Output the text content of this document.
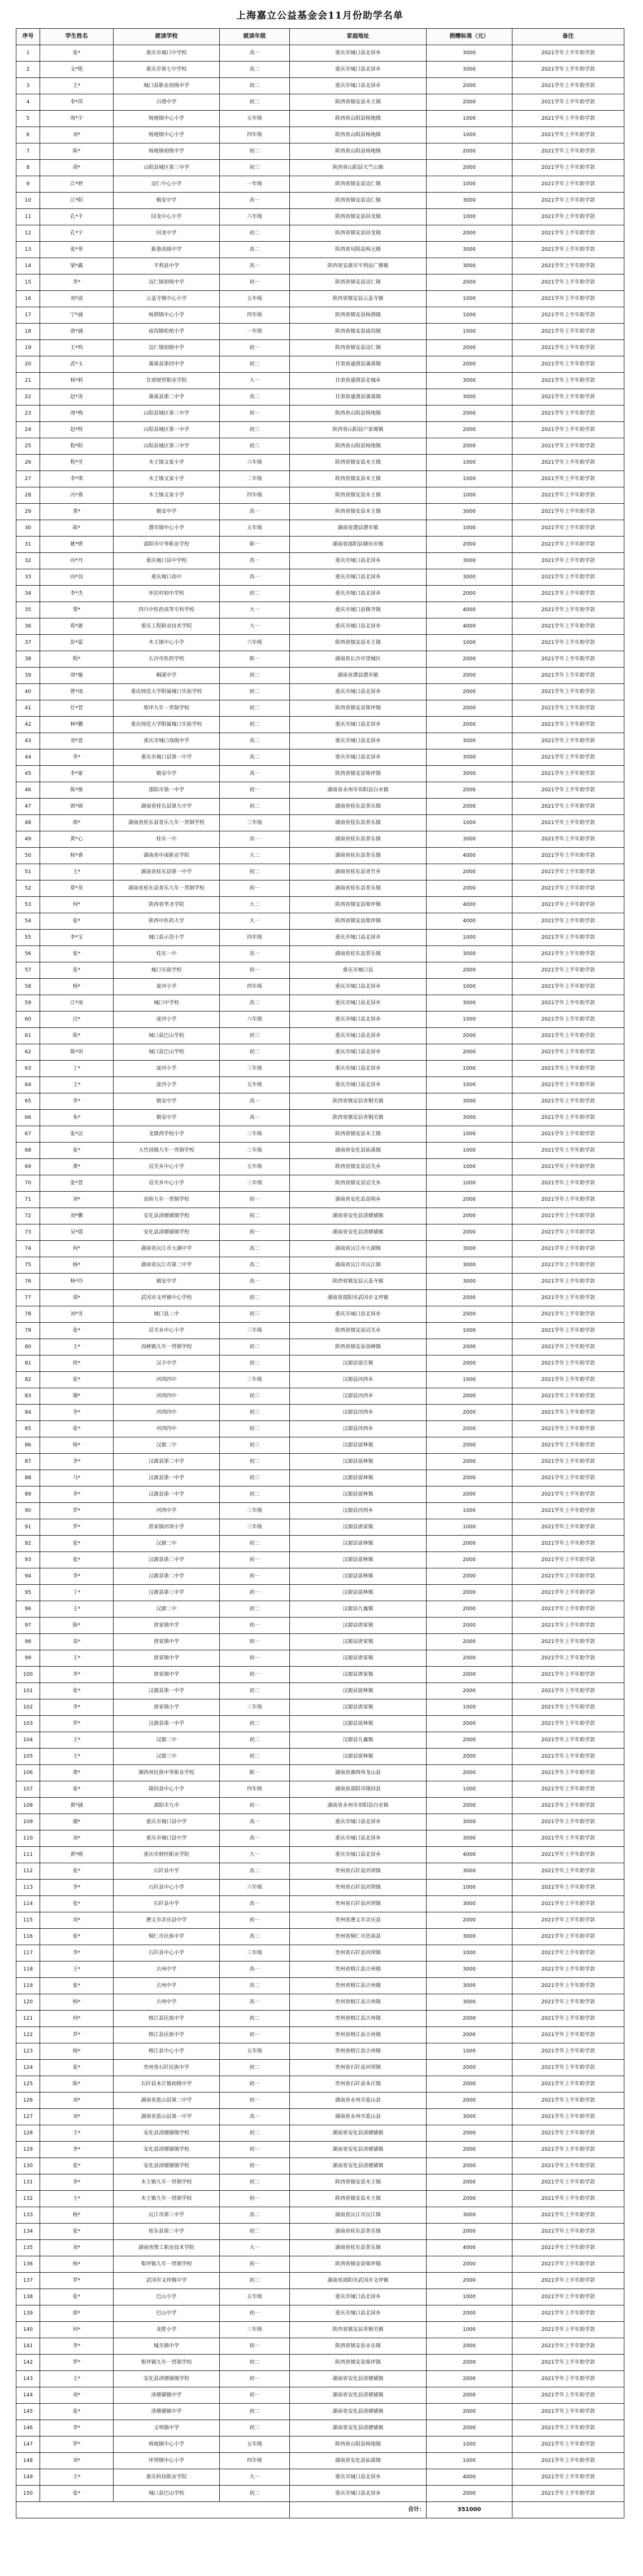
上海嘉立公益基金会11月份助学名单
序号	学生姓名	就读学校	就读年级	家庭地址	捐赠标准（元）	备注
1	张*	重庆市城口中学校	高一	重庆市城口县北屏乡	3000	2021学年上半年助学款
2	文*艳	重庆市第七中学校	高二	重庆市城口县北屏乡	3000	2021学年上半年助学款
3	王*	城口县职业初级中学	初二	重庆市城口县北屏乡	2000	2021学年上半年助学款
4	李*萍	白塔中学	初二	陕西省镇安县木王镇	2000	2021学年上半年助学款
5	周*宇	杨地镇中心小学	五年级	陕西省山阳县杨地镇	1000	2021学年上半年助学款
6	刘*	杨地镇中心小学	四年级	陕西省山阳县杨地镇	1000	2021学年上半年助学款
7	陈*	杨地镇初级中学	初二	陕西省山阳县杨地镇	2000	2021学年上半年助学款
8	胡*	山阳县城区第三中学	初三	陕西省山阳县天竺山镇	2000	2021学年上半年助学款
9	江*婷	迈仁中心小学	一年级	陕西省镇安县迈仁镇	1000	2021学年上半年助学款
10	江*阳	镇安中学	高一	陕西省镇安县迈仁镇	3000	2021学年上半年助学款
11	孔*平	回龙中心小学	六年级	陕西省镇安县回龙镇	1000	2021学年上半年助学款
12	孔*宇	回龙中学	初二	陕西省镇安县回龙镇	2000	2021学年上半年助学款
13	张*菲	新港高级中学	高二	陕西省旬阳县构元镇	3000	2021学年上半年助学款
14	梁*鑫	平利县中学	高一	陕西省安康市平利县广佛镇	3000	2021学年上半年助学款
15	李*	迈仁镇初级中学	初一	陕西省镇安县迈仁镇	2000	2021学年上半年助学款
16	刘*波	云盖寺镇中心小学	五年级	陕西省镇安县云盖寺镇	1000	2021学年上半年助学款
17	宁*涵	杨泗镇中心小学	四年级	陕西省镇安县杨泗镇	1000	2021学年上半年助学款
18	唐*涵	庙沟镇松柏小学	一年级	陕西省镇安县庙沟镇	1000	2021学年上半年助学款
19	王*鸣	迈仁镇初级中学	初一	陕西省镇安县迈仁镇	2000	2021学年上半年助学款
20	武*玉	蒲溪县第四中学	初二	甘肃省通渭县蒲溪镇	2000	2021学年上半年助学款
21	杨*莉	甘肃财贸职业学院	大一	甘肃省通渭县北城乡	3000	2021学年上半年助学款
22	赵*涛	蒲溪县第二中学	高二	甘肃省通渭县蒲溪镇	3000	2021学年上半年助学款
23	周*梅	山阳县城区第三中学	初一	陕西省山阳县杨地镇	2000	2021学年上半年助学款
24	赵*特	山阳县城区第一中学	初三	陕西省山阳县户家塬镇	2000	2021学年上半年助学款
25	程*阳	山阳县城区第三中学	初三	陕西省山阳县杨地镇	2000	2021学年上半年助学款
26	程*雪	木王镇文家小学	六年级	陕西省镇安县木王镇	1000	2021学年上半年助学款
27	李*琪	木王镇文家小学	二年级	陕西省镇安县木王镇	1000	2021学年上半年助学款
28	冯*燕	木王镇文家小学	四年级	陕西省镇安县木王镇	1000	2021学年上半年助学款
29	黄*	镇安中学	高一	陕西省镇安县木王镇	3000	2021学年上半年助学款
30	陈*	澧市镇中心小学	五年级	湖南省澧县澧市镇	1000	2021学年上半年助学款
31	姚*烨	邵阳市中等职业学校	职一	湖南省邵阳县塘田市镇	2000	2021学年上半年助学款
32	向*丹	重庆城口县中学校	高一	重庆市城口县北屏乡	3000	2021学年上半年助学款
33	向*羽	重庆城口高中	高一	重庆市城口县北屏乡	3000	2021学年上半年助学款
34	李*杰	环岩村初中学校	初二	重庆市城口县北屏乡	2000	2021学年上半年助学款
35	覃*	四川中医药高等专科学校	大一	重庆市城口县修齐镇	4000	2021学年上半年助学款
36	郑*源	重庆工程职业技术学院	大一	重庆市城口县北屏乡	4000	2021学年上半年助学款
37	彭*晏	木王镇中心小学	六年级	陕西省镇安县木王镇	1000	2021学年上半年助学款
38	程*	长沙市医药学校	职一	湖南省长沙市望城区	2000	2021学年上半年助学款
39	周*璇	桐溪中学	初二	湖南省澧县澧市镇	2000	2021学年上半年助学款
40	曾*雨	重庆师范大学附属城口实验学校	初二	重庆市城口县北屏乡	2000	2021学年上半年助学款
41	任*萱	柴坪九年一贯制学校	初二	陕西省镇安县柴坪镇	2000	2021学年上半年助学款
42	林*鹏	重庆师范大学附属城口实验学校	初二	重庆市城口县北屏乡	2000	2021学年上半年助学款
43	刘*意	重庆市城口高级中学	高二	重庆市城口县北屏乡	3000	2021学年上半年助学款
44	李*	重庆市城口县第一中学	高二	重庆市城口县北屏乡	3000	2021学年上半年助学款
45	李*豪	镇安中学	高一	陕西省镇安县柴坪镇	3000	2021学年上半年助学款
46	陈*俊	邵阳市第一中学	初一	湖南省永州市祁阳县白水镇	2000	2021学年上半年助学款
47	郭*锦	湖南省桂东县第九中学	初二	湖南省桂东县普乐镇	2000	2021学年上半年助学款
48	郭*	湖南省桂东县普乐九年一贯制学校	三年级	湖南省桂东县普乐镇	1000	2021学年上半年助学款
49	黄*心	桂东一中	高一	湖南省桂东县普乐镇	3000	2021学年上半年助学款
50	杨*睿	湖南省中南职业学院	大二	湖南省桂东县普乐镇	4000	2021学年上半年助学款
51	王*	湖南省桂东县第一中学	初二	湖南省桂东县青竹乡	2000	2021学年上半年助学款
52	覃*菲	湖南省桂东县普乐九年一贯制学校	初一	湖南省桂东县普乐镇	2000	2021学年上半年助学款
53	何*	陕西省华圣学院	大二	陕西省镇安县柴坪镇	4000	2021学年上半年助学款
54	张*	陕西中医药大学	大一	陕西省镇安县柴坪镇	4000	2021学年上半年助学款
55	李*宝	城口县示范小学	四年级	重庆市城口县北屏乡	1000	2021学年上半年助学款
56	张*	桂东一中	高一	湖南省桂东县普乐镇	3000	2021学年上半年助学款
57	张*	城口实验学校	初一	重庆市城口县	2000	2021学年上半年助学款
58	杨*	庞河小学	四年级	重庆市城口县北屏乡	1000	2021学年上半年助学款
59	江*雨	城口中学校	高二	重庆市城口县北屏乡	3000	2021学年上半年助学款
60	汪*	庞河小学	六年级	重庆市城口县北屏乡	1000	2021学年上半年助学款
61	陈*	城口县巴山学校	初三	重庆市城口县北屏乡	2000	2021学年上半年助学款
62	陈*玥	城口县巴山学校	初二	重庆市城口县北屏乡	2000	2021学年上半年助学款
63	丁*	庞河小学	三年级	重庆市城口县北屏乡	1000	2021学年上半年助学款
64	王*	庞河小学	五年级	重庆市城口县北屏乡	1000	2021学年上半年助学款
65	李*	镇安中学	高一	陕西省镇安县青铜关镇	3000	2021学年上半年助学款
66	朱*	镇安中学	高一	陕西省镇安县青铜关镇	3000	2021学年上半年助学款
67	张*洁	龙鼎湾学校小学	三年级	陕西省镇安县木王镇	1000	2021学年上半年助学款
68	张*	大竹园镇九年一贯制学校	三年级	湖南省安化县仙溪镇	1000	2021学年上半年助学款
69	黄*	诏关乡中心小学	五年级	陕西省镇安县诏关乡	1000	2021学年上半年助学款
70	张*萱	诏关乡中心小学	三年级	陕西省镇安县诏关乡	1000	2021学年上半年助学款
71	刘*	高桥九年一贯制学校	初一	湖南省安化县高明乡	2000	2021学年上半年助学款
72	刘*鹏	安化县清塘铺镇学校	初二	湖南省安化县清塘铺镇	2000	2021学年上半年助学款
73	吴*瑶	安化县清塘铺镇学校	初一	湖南省安化县清塘铺镇	2000	2021学年上半年助学款
74	何*	湖南省沅江市大湖中学	高二	湖南省沅江市大湖镇	3000	2021学年上半年助学款
75	杨*	湖南省沅江市第二中学	高二	湖南省沅江市沅江镇	3000	2021学年上半年助学款
76	杨*玲	镇安中学	高一	陕西省镇安县云盖寺镇	3000	2021学年上半年助学款
77	胡*	武冈市文坪镇中心学校	初二	湖南省邵阳市武冈市文坪镇	2000	2021学年上半年助学款
78	刘*雪	城口县二中	初三	重庆市城口县北屏乡	2000	2021学年上半年助学款
79	张*	诏关乡中心小学	三年级	陕西省镇安县诏关乡	1000	2021学年上半年助学款
80	王*	高峰镇九年一贯制学校	初二	陕西省镇安县高峰镇	2000	2021学年上半年助学款
81	侯*	汉丰中学	初二	汉源县富庄镇	2000	2021学年上半年助学款
82	张*	河西四中	三年级	汉源县河西乡	1000	2021学年上半年助学款
83	谢*	河西四中	初三	汉源县河西乡	2000	2021学年上半年助学款
84	李*	河西四中	初三	汉源县河西乡	2000	2021学年上半年助学款
85	张*	河西四中	初二	汉源县河西乡	2000	2021学年上半年助学款
86	杨*	汉源二中	初三	汉源县富林镇	2000	2021学年上半年助学款
87	李*	汉源县第二中学	初二	汉源县富林镇	2000	2021学年上半年助学款
88	马*	汉源县第一中学	初三	汉源县富林镇	2000	2021学年上半年助学款
89	李*	汉源县第一中学	初二	汉源县富林镇	2000	2021学年上半年助学款
90	罗*	河西中学	三年级	汉源县河西乡	1000	2021学年上半年助学款
91	罗*	唐家镇河坝小学	三年级	汉源县唐家镇	1000	2021学年上半年助学款
92	张*	汉源二中	初二	汉源县富林镇	2000	2021学年上半年助学款
93	张*	汉源县第二中学	初一	汉源县富林镇	2000	2021学年上半年助学款
94	李*	汉源县第二中学	初一	汉源县富林镇	2000	2021学年上半年助学款
95	丁*	汉源县第三中学	初一	汉源县富林镇	2000	2021学年上半年助学款
96	王*	汉源二中	初二	汉源县九襄镇	2000	2021学年上半年助学款
97	陈*	唐家镇中学	初一	汉源县唐家镇	2000	2021学年上半年助学款
98	袁*	唐家镇中学	初一	汉源县唐家镇	2000	2021学年上半年助学款
99	王*	唐家镇中学	初一	汉源县唐家镇	2000	2021学年上半年助学款
100	李*	唐家镇中学	初一	汉源县唐家镇	2000	2021学年上半年助学款
101	张*	汉源县第一中学	初二	汉源县富林镇	2000	2021学年上半年助学款
102	李*	唐家镇小学	三年级	汉源县唐家镇	1000	2021学年上半年助学款
103	罗*	汉源县第一中学	初二	汉源县富林镇	2000	2021学年上半年助学款
104	王*	汉源二中	初二	汉源县九襄镇	2000	2021学年上半年助学款
105	王*	汉源三中	初二	汉源县富林镇	2000	2021学年上半年助学款
106	黄*	湘西州民族中等职业学校	职一	湖南省湘西州龙山县	2000	2021学年上半年助学款
107	张*	隆回县中心小学	四年级	湖南省邵阳市隆回县	1000	2021学年上半年助学款
108	黄*涵	邵阳市九中	初一	湖南省永州市祁阳县白水镇	2000	2021学年上半年助学款
109	谢*	重庆市城口县中学	高一	重庆市城口县北屏乡	3000	2021学年上半年助学款
110	刘*	重庆市城口县中学	高一	重庆市城口县北屏乡	3000	2021学年上半年助学款
111	黄*晴	重庆市财经职业学院	大一	重庆市城口县北屏乡	4000	2021学年上半年助学款
112	张*	石阡县中学	高二	贵州省石阡县河坝镇	3000	2021学年上半年助学款
113	李*	石阡县中心小学	六年级	贵州省石阡县河坝镇	1000	2021学年上半年助学款
114	张*	石阡县中学	高一	贵州省石阡县河坝镇	3000	2021学年上半年助学款
115	刘*	遵义市余庆县中学	初一	贵州省遵义市余庆县	2000	2021学年上半年助学款
116	张*	铜仁市民族中学	高二	贵州省铜仁市思南县	3000	2021学年上半年助学款
117	李*	石阡县中心小学	三年级	贵州省石阡县河坝镇	1000	2021学年上半年助学款
118	王*	古州中学	高一	贵州省榕江县古州镇	3000	2021学年上半年助学款
119	张*	古州中学	高二	贵州省榕江县古州镇	3000	2021学年上半年助学款
120	杨*	古州中学	高一	贵州省榕江县古州镇	3000	2021学年上半年助学款
121	何*	榕江县民族中学	初二	贵州省榕江县古州镇	2000	2021学年上半年助学款
122	罗*	榕江县民族中学	初一	贵州省榕江县古州镇	2000	2021学年上半年助学款
123	杨*	榕江县中心小学	五年级	贵州省榕江县古州镇	1000	2021学年上半年助学款
124	张*	贵州省石阡民族中学	初二	贵州省石阡县河坝镇	2000	2021学年上半年助学款
125	陈*	石阡县本庄镇初级中学	初一	贵州省石阡县本庄镇	2000	2021学年上半年助学款
126	刘*	湖南省蓝山县第二中学	初一	湖南省永州市蓝山县	2000	2021学年上半年助学款
127	刘*	湖南省蓝山县第一中学	高一	湖南省永州市蓝山县	3000	2021学年上半年助学款
128	王*	安化县清塘铺镇学校	初二	湖南省安化县清塘铺镇	2000	2021学年上半年助学款
129	李*	安化县清塘铺镇学校	初一	湖南省安化县清塘铺镇	2000	2021学年上半年助学款
130	张*	安化县清塘铺镇学校	初一	湖南省安化县清塘铺镇	2000	2021学年上半年助学款
131	李*	木王镇九年一贯制学校	初二	陕西省镇安县木王镇	2000	2021学年上半年助学款
132	王*	木王镇九年一贯制学校	初一	陕西省镇安县木王镇	2000	2021学年上半年助学款
133	杨*	沅江市第三中学	高二	湖南省沅江市沅江镇	3000	2021学年上半年助学款
134	张*	桂东县第二中学	初二	湖南省桂东县普乐镇	2000	2021学年上半年助学款
135	刘*	湖南省理工职业技术学院	大一	湖南省桂东县普乐镇	4000	2021学年上半年助学款
136	杨*	柴坪镇九年一贯制学校	初一	陕西省镇安县柴坪镇	2000	2021学年上半年助学款
137	罗*	武冈市文坪镇中学	初二	湖南省邵阳市武冈市文坪镇	2000	2021学年上半年助学款
138	张*	巴山小学	五年级	重庆市城口县北屏乡	1000	2021学年上半年助学款
139	郭*	巴山中学	初一	重庆市城口县北屏乡	2000	2021学年上半年助学款
140	何*	龙胜小学	三年级	陕西省镇安县青铜关镇	1000	2021学年上半年助学款
141	李*	城关镇中学	初一	陕西省镇安县永乐镇	2000	2021学年上半年助学款
142	罗*	柴坪镇九年一贯制学校	初二	陕西省镇安县柴坪镇	2000	2021学年上半年助学款
143	王*	安化县清塘铺镇学校	初一	湖南省安化县清塘铺镇	2000	2021学年上半年助学款
144	刘*	清塘铺镇中学	初一	湖南省安化县清塘铺镇	2000	2021学年上半年助学款
145	张*	清塘铺镇中学	初二	湖南省安化县清塘铺镇	2000	2021学年上半年助学款
146	李*	文明镇中学	初二	湖南省安化县清塘铺镇	2000	2021学年上半年助学款
147	罗*	杨地镇中心小学	五年级	陕西省山阳县杨地镇	1000	2021学年上半年助学款
148	刘*	坪坝镇中心小学	四年级	湖南省安化县仙溪镇	1000	2021学年上半年助学款
149	王*	重庆科技职业学院	大一	重庆市城口县北屏乡	4000	2021学年上半年助学款
150	张*	城口县巴山学校	初二	重庆市城口县北屏乡	2000	2021学年上半年助学款
				合计：	351000	
